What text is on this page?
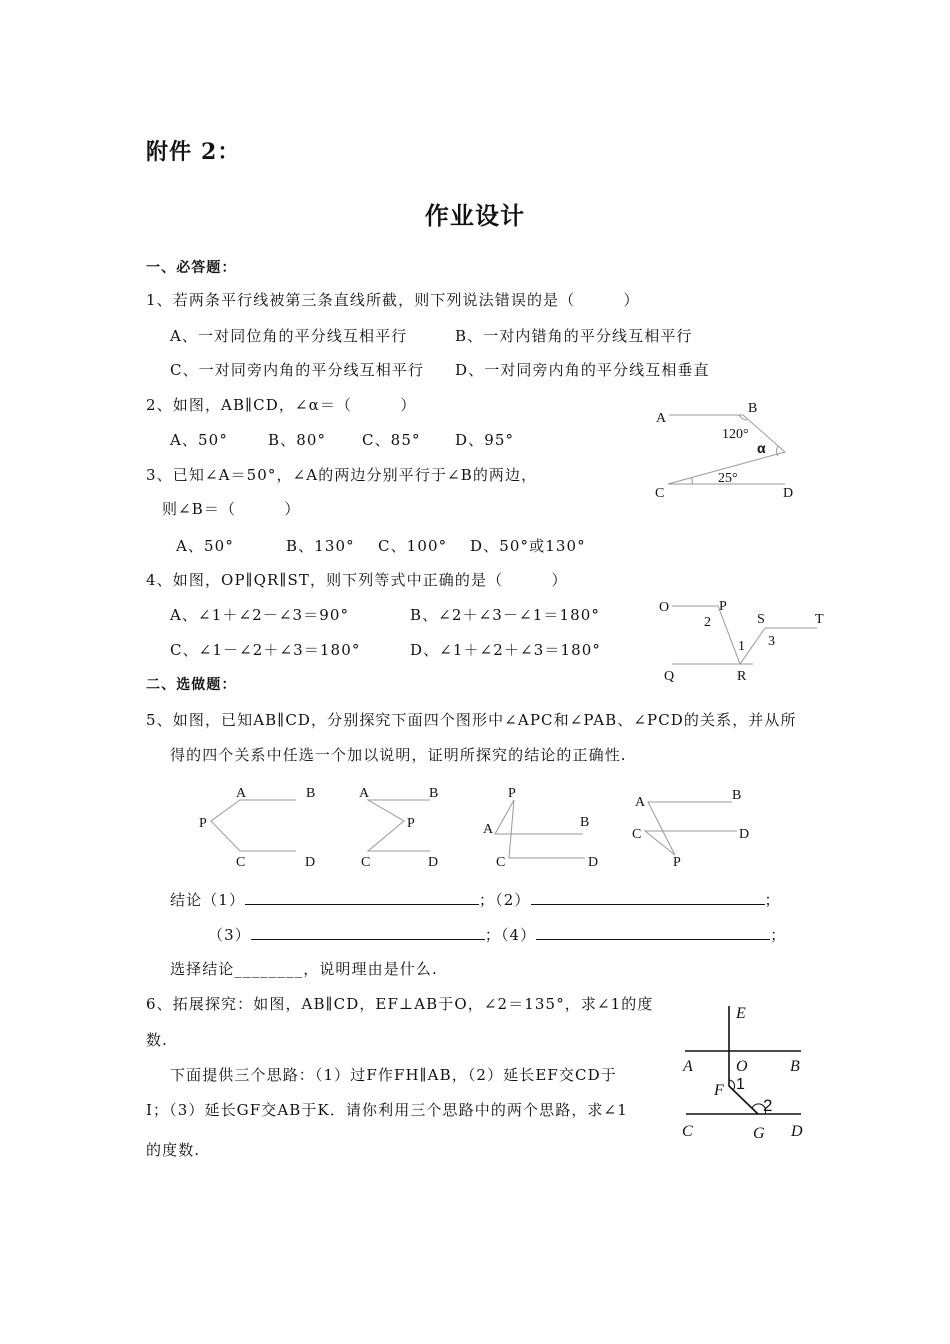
附件 2：
作业设计
一、必答题：
1、若两条平行线被第三条直线所截，则下列说法错误的是（　　　）
A、一对同位角的平分线互相平行	B、一对内错角的平分线互相平行
C、一对同旁内角的平分线互相平行 D、一对同旁内角的平分线互相垂直
2、如图，AB∥CD，∠α＝（　　　）
A、50°	B、80° C、85° D、95°
3、已知∠A＝50°，∠A的两边分别平行于∠B的两边，
则∠B＝（　　　）
A、50°	B、130° C、100° D、50°或130°
4、如图，OP∥QR∥ST，则下列等式中正确的是（　　　）
A、∠1＋∠2－∠3＝90°	B、∠2＋∠3－∠1＝180°
C、∠1－∠2＋∠3＝180°	D、∠1＋∠2＋∠3＝180°
二、选做题：
5、如图，已知AB∥CD，分别探究下面四个图形中∠APC和∠PAB、∠PCD的关系，并从所
得的四个关系中任选一个加以说明，证明所探究的结论的正确性.
结论（1）	；（2）	；
（3）	；（4）	；
选择结论________，说明理由是什么.
6、拓展探究：如图，AB∥CD，EF⊥AB于O，∠2＝135°，求∠1的度
数.
下面提供三个思路：（1）过F作FH∥AB，（2）延长EF交CD于
I；（3）延长GF交AB于K．请你利用三个思路中的两个思路，求∠1
的度数.
A
B
120°
α
25°
C	D
O	P
2
1
S	T
3
Q	R
A	B
P
C	D
A	B
P
C	D
P
A	B
C	D
A	B
C	D
P
E
A	O	B
F 1
2
C	G D
